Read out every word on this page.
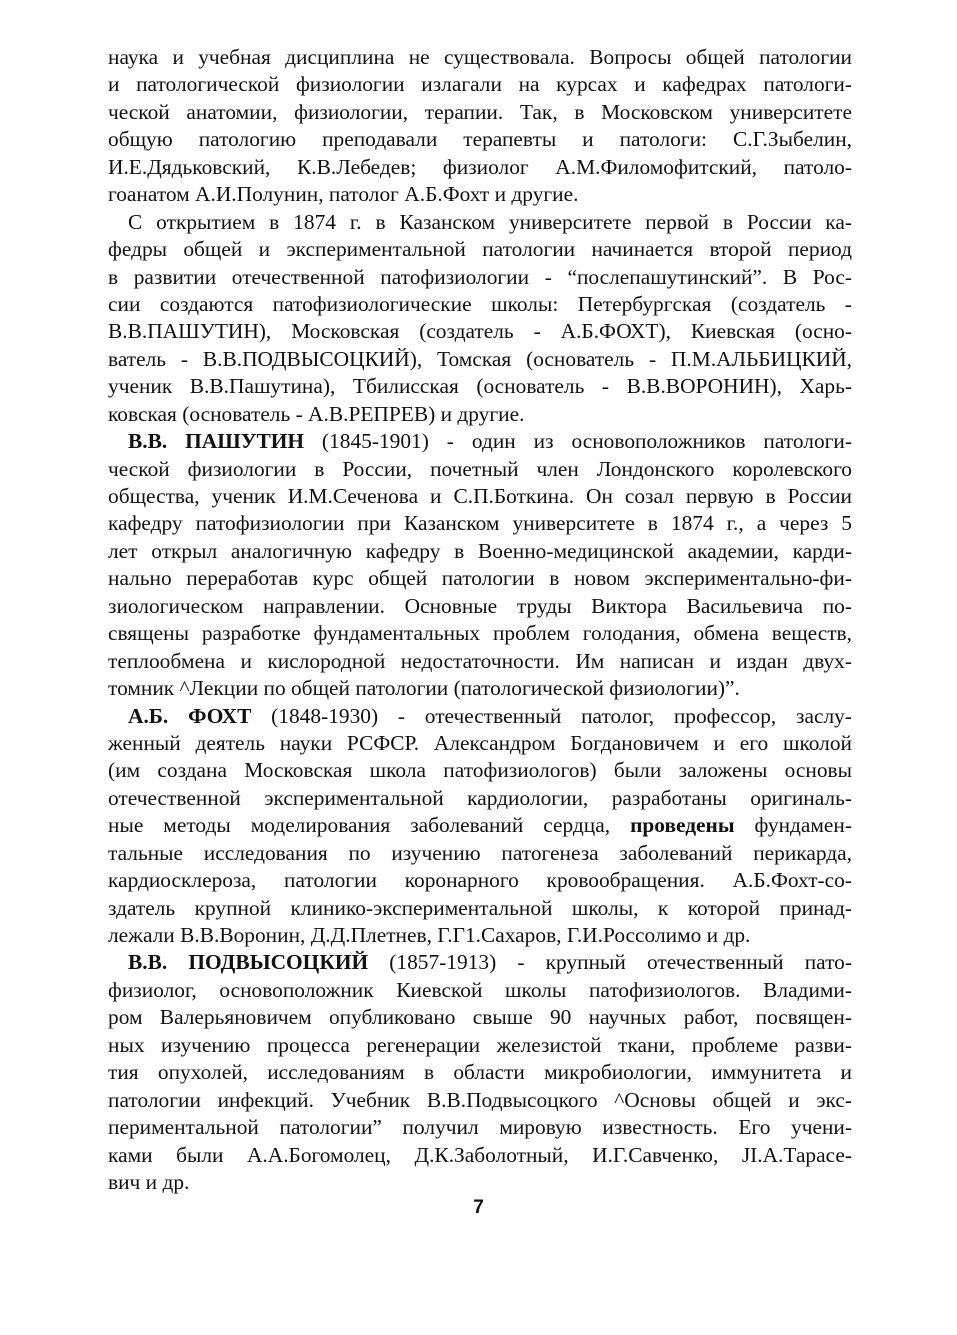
наука и учебная дисциплина не существовала. Вопросы общей патологии
и патологической физиологии излагали на курсах и кафедрах патологи-
ческой анатомии, физиологии, терапии. Так, в Московском университете
общую патологию преподавали терапевты и патологи: С.Г.Зыбелин,
И.Е.Дядьковский, К.В.Лебедев; физиолог А.М.Филомофитский, патоло-
гоанатом А.И.Полунин, патолог А.Б.Фохт и другие.
С открытием в 1874 г. в Казанском университете первой в России ка-
федры общей и экспериментальной патологии начинается второй период
в развитии отечественной патофизиологии - “послепашутинский”. В Рос-
сии создаются патофизиологические школы: Петербургская (создатель -
В.В.ПАШУТИН), Московская (создатель - А.Б.ФОХТ), Киевская (осно-
ватель - В.В.ПОДВЫСОЦКИЙ), Томская (основатель - П.М.АЛЬБИЦКИЙ,
ученик В.В.Пашутина), Тбилисская (основатель - В.В.ВОРОНИН), Харь-
ковская (основатель - А.В.РЕПРЕВ) и другие.
В.В. ПАШУТИН (1845-1901) - один из основоположников патологи-
ческой физиологии в России, почетный член Лондонского королевского
общества, ученик И.М.Сеченова и С.П.Боткина. Он созал первую в России
кафедру патофизиологии при Казанском университете в 1874 г., а через 5
лет открыл аналогичную кафедру в Военно-медицинской академии, карди-
нально переработав курс общей патологии в новом экспериментально-фи-
зиологическом направлении. Основные труды Виктора Васильевича по-
священы разработке фундаментальных проблем голодания, обмена веществ,
теплообмена и кислородной недостаточности. Им написан и издан двух-
томник ^Лекции по общей патологии (патологической физиологии)”.
А.Б. ФОХТ (1848-1930) - отечественный патолог, профессор, заслу-
женный деятель науки РСФСР. Александром Богдановичем и его школой
(им создана Московская школа патофизиологов) были заложены основы
отечественной экспериментальной кардиологии, разработаны оригиналь-
ные методы моделирования заболеваний сердца, проведены фундамен-
тальные исследования по изучению патогенеза заболеваний перикарда,
кардиосклероза, патологии коронарного кровообращения. А.Б.Фохт-со-
здатель крупной клинико-экспериментальной школы, к которой принад-
лежали В.В.Воронин, Д.Д.Плетнев, Г.Г1.Сахаров, Г.И.Россолимо и др.
В.В. ПОДВЫСОЦКИЙ (1857-1913) - крупный отечественный пато-
физиолог, основоположник Киевской школы патофизиологов. Владими-
ром Валерьяновичем опубликовано свыше 90 научных работ, посвящен-
ных изучению процесса регенерации железистой ткани, проблеме разви-
тия опухолей, исследованиям в области микробиологии, иммунитета и
патологии инфекций. Учебник В.В.Подвысоцкого ^Основы общей и экс-
периментальной патологии” получил мировую известность. Его учени-
ками были А.А.Богомолец, Д.К.Заболотный, И.Г.Савченко, JI.А.Тарасе-
вич и др.
7
